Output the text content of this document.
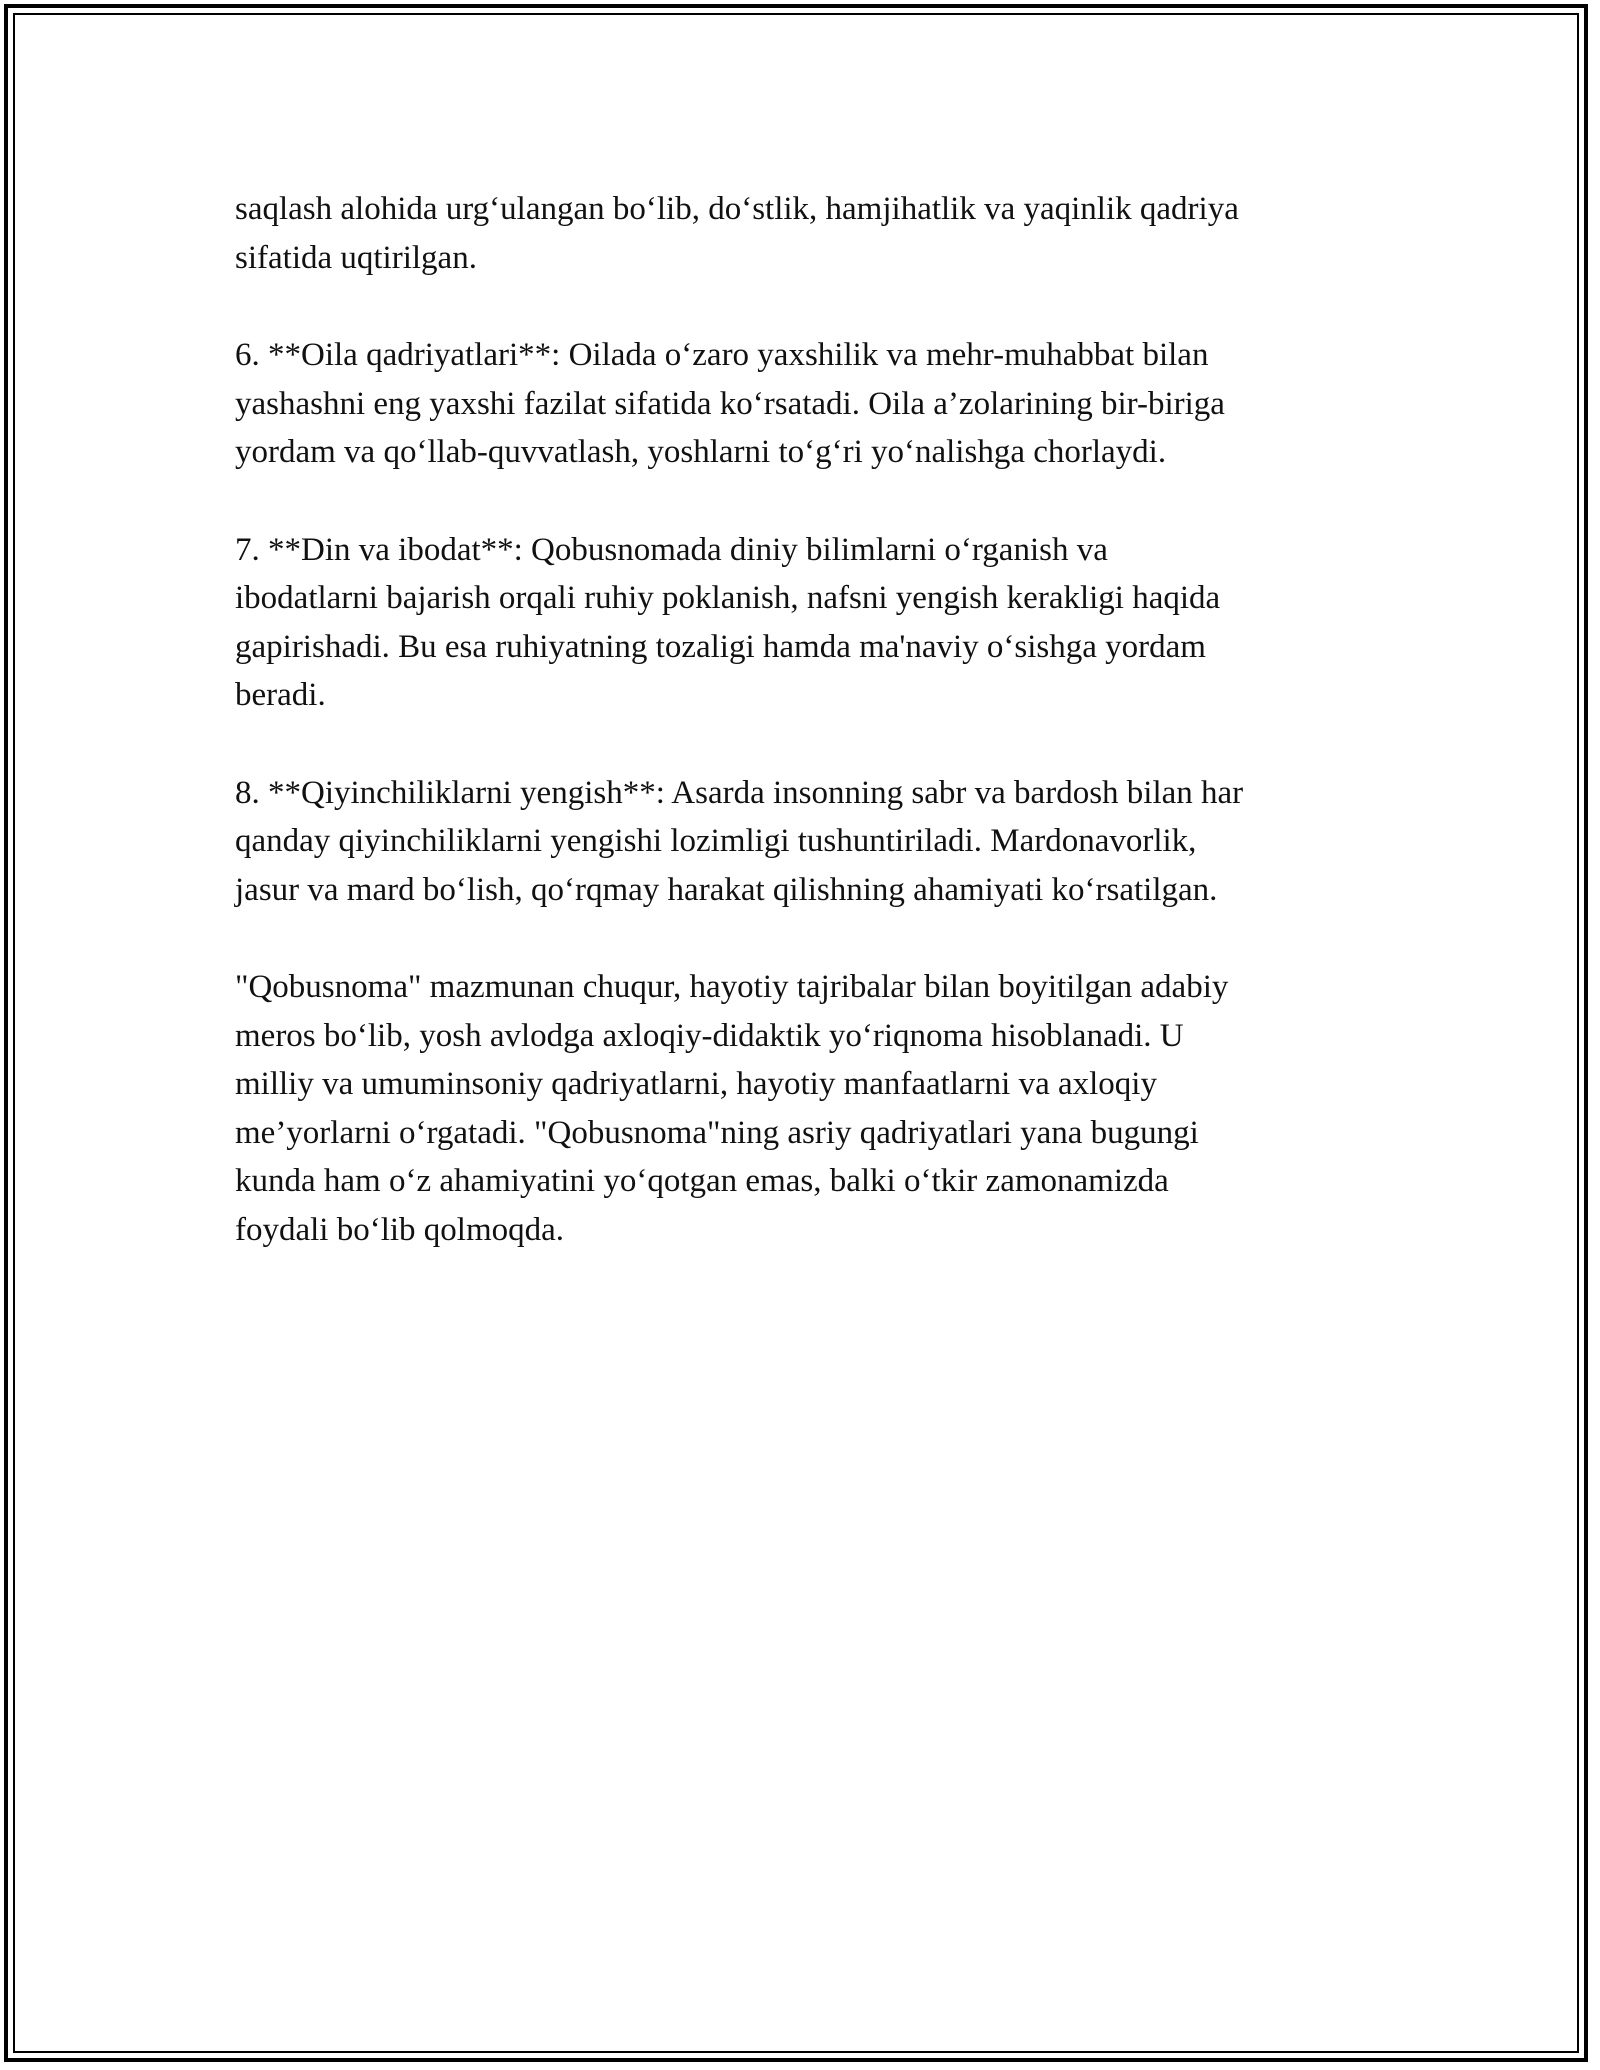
saqlash alohida urg‘ulangan bo‘lib, do‘stlik, hamjihatlik va yaqinlik qadriya
sifatida uqtirilgan.

6. **Oila qadriyatlari**: Oilada o‘zaro yaxshilik va mehr-muhabbat bilan
yashashni eng yaxshi fazilat sifatida ko‘rsatadi. Oila a’zolarining bir-biriga
yordam va qo‘llab-quvvatlash, yoshlarni to‘g‘ri yo‘nalishga chorlaydi.

7. **Din va ibodat**: Qobusnomada diniy bilimlarni o‘rganish va
ibodatlarni bajarish orqali ruhiy poklanish, nafsni yengish kerakligi haqida
gapirishadi. Bu esa ruhiyatning tozaligi hamda ma'naviy o‘sishga yordam
beradi.

8. **Qiyinchiliklarni yengish**: Asarda insonning sabr va bardosh bilan har
qanday qiyinchiliklarni yengishi lozimligi tushuntiriladi. Mardonavorlik,
jasur va mard bo‘lish, qo‘rqmay harakat qilishning ahamiyati ko‘rsatilgan.

"Qobusnoma" mazmunan chuqur, hayotiy tajribalar bilan boyitilgan adabiy
meros bo‘lib, yosh avlodga axloqiy-didaktik yo‘riqnoma hisoblanadi. U
milliy va umuminsoniy qadriyatlarni, hayotiy manfaatlarni va axloqiy
me’yorlarni o‘rgatadi. "Qobusnoma"ning asriy qadriyatlari yana bugungi
kunda ham o‘z ahamiyatini yo‘qotgan emas, balki o‘tkir zamonamizda
foydali bo‘lib qolmoqda.
